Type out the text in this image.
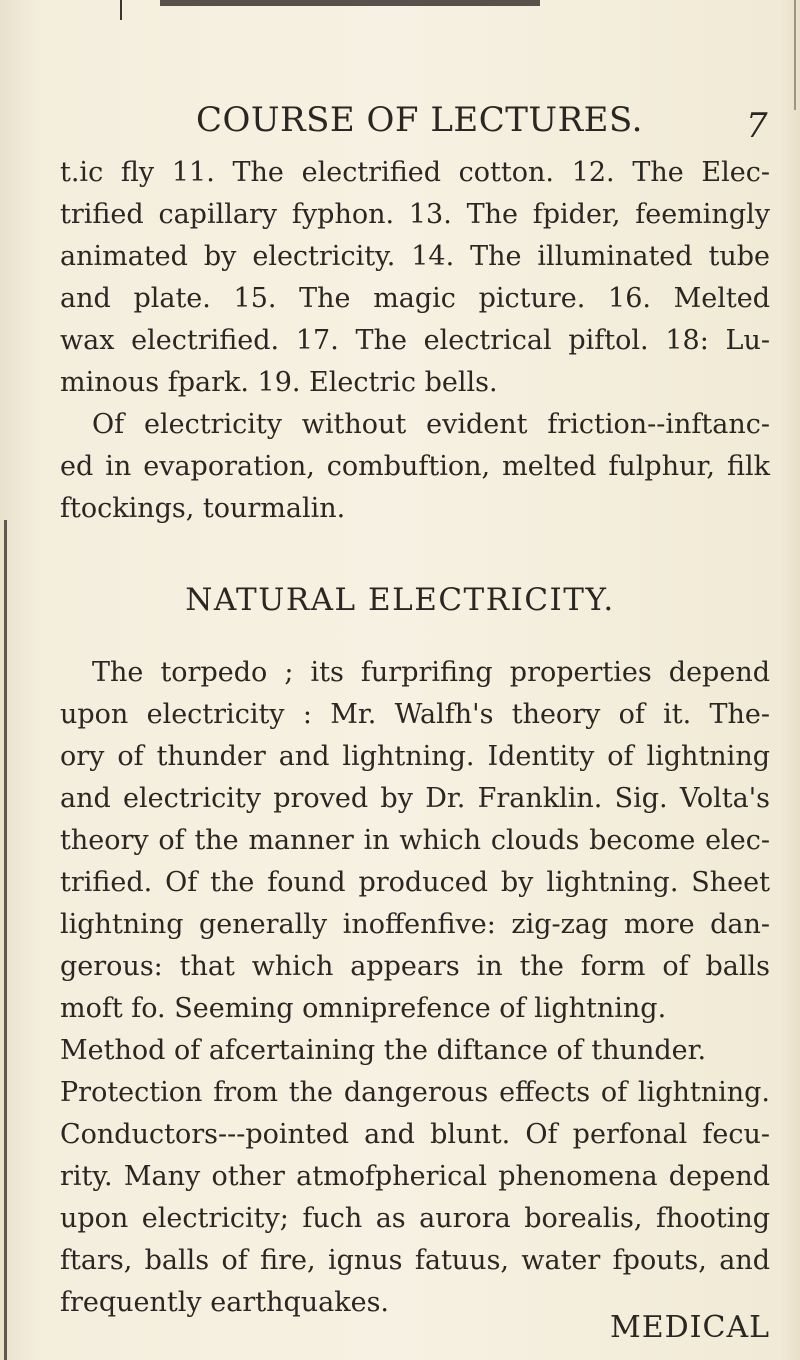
COURSE OF LECTURES.	7
t.ic fly 11. The electrified cotton. 12. The Elec-
trified capillary fyphon. 13. The fpider, feemingly
animated by electricity. 14. The illuminated tube
and plate. 15. The magic picture. 16. Melted
wax electrified. 17. The electrical piftol. 18: Lu-
minous fpark. 19. Electric bells.
Of electricity without evident friction--inftanc-
ed in evaporation, combuftion, melted fulphur, filk
ftockings, tourmalin.
NATURAL ELECTRICITY.
The torpedo ; its furprifing properties depend
upon electricity : Mr. Walfh's theory of it. The-
ory of thunder and lightning. Identity of lightning
and electricity proved by Dr. Franklin. Sig. Volta's
theory of the manner in which clouds become elec-
trified. Of the found produced by lightning. Sheet
lightning generally inoffenfive: zig-zag more dan-
gerous: that which appears in the form of balls
moft fo. Seeming omniprefence of lightning.
Method of afcertaining the diftance of thunder.
Protection from the dangerous effects of lightning.
Conductors---pointed and blunt. Of perfonal fecu-
rity. Many other atmofpherical phenomena depend
upon electricity; fuch as aurora borealis, fhooting
ftars, balls of fire, ignus fatuus, water fpouts, and
frequently earthquakes.
MEDICAL
